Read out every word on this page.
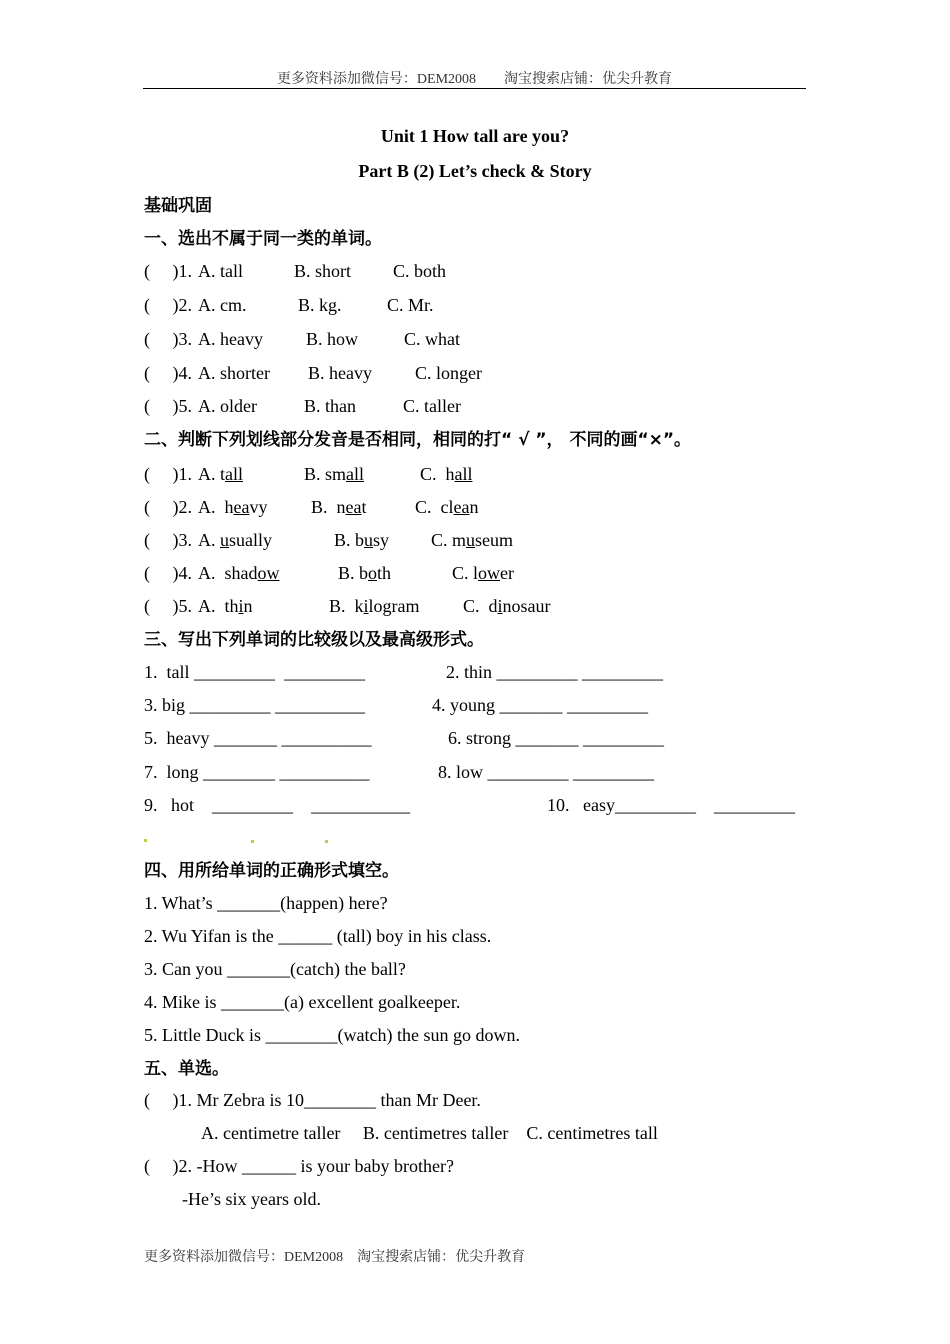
更多资料添加微信号：DEM2008　　淘宝搜索店铺：优尖升教育
Unit 1 How tall are you?
Part B (2) Let’s check & Story
基础巩固
一、选出不属于同一类的单词。
(     )1. A. tall	B. short C. both
(     )2. A. cm.	B. kg.	C. Mr.
(     )3. A. heavy B. how	C. what
(     )4. A. shorter B. heavy C. longer
(     )5. A. older	B. than	C. taller
二、判断下列划线部分发音是否相同，相同的打“ √ ”， 不同的画“×”。
(     )1. A. tall	B. small	C.  hall
(     )2. A.  heavy B.  neat	C.  clean
(     )3. A. usually	B. busy C. museum
(     )4. A.  shadow	B. both	C. lower
(     )5. A.  thin	B.  kilogram C.  dinosaur
三、写出下列单词的比较级以及最高级形式。
1.  tall _________  _________	2. thin _________ _________
3. big _________ __________	4. young _______ _________
5.  heavy _______ __________	6. strong _______ _________
7.  long ________ __________	8. low _________ _________
9.   hot    _________    ___________	10.   easy_________    _________
四、用所给单词的正确形式填空。
1. What’s _______(happen) here?
2. Wu Yifan is the ______ (tall) boy in his class.
3. Can you _______(catch) the ball?
4. Mike is _______(a) excellent goalkeeper.
5. Little Duck is ________(watch) the sun go down.
五、单选。
(     )1. Mr Zebra is 10________ than Mr Deer.
A. centimetre taller     B. centimetres taller    C. centimetres tall
(     )2. -How ______ is your baby brother?
-He’s six years old.
更多资料添加微信号：DEM2008　淘宝搜索店铺：优尖升教育
